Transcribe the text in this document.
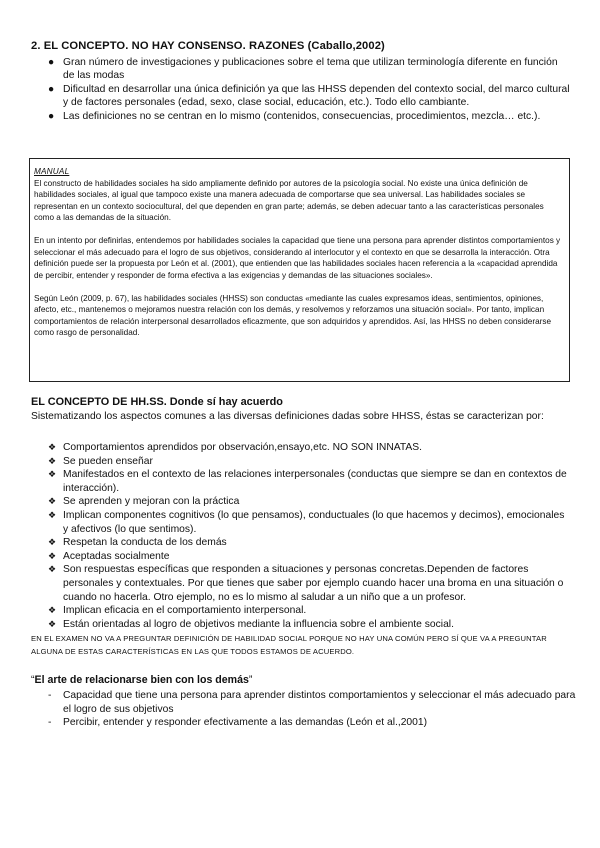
2. EL CONCEPTO. NO HAY CONSENSO. RAZONES (Caballo,2002)
● Gran número de investigaciones y publicaciones sobre el tema que utilizan terminología diferente en función de las modas
● Dificultad en desarrollar una única definición ya que las HHSS dependen del contexto social, del marco cultural y de factores personales (edad, sexo, clase social, educación, etc.). Todo ello cambiante.
● Las definiciones no se centran en lo mismo (contenidos, consecuencias, procedimientos, mezcla… etc.).
MANUAL

El constructo de habilidades sociales ha sido ampliamente definido por autores de la psicología social. No existe una única definición de habilidades sociales, al igual que tampoco existe una manera adecuada de comportarse que sea universal. Las habilidades sociales se representan en un contexto sociocultural, del que dependen en gran parte; además, se deben adecuar tanto a las características personales como a las demandas de la situación.

En un intento por definirlas, entendemos por habilidades sociales la capacidad que tiene una persona para aprender distintos comportamientos y seleccionar el más adecuado para el logro de sus objetivos, considerando al interlocutor y el contexto en que se desarrolla la interacción. Otra definición puede ser la propuesta por León et al. (2001), que entienden que las habilidades sociales hacen referencia a la «capacidad aprendida de percibir, entender y responder de forma efectiva a las exigencias y demandas de las situaciones sociales».

Según León (2009, p. 67), las habilidades sociales (HHSS) son conductas «mediante las cuales expresamos ideas, sentimientos, opiniones, afecto, etc., mantenemos o mejoramos nuestra relación con los demás, y resolvemos y reforzamos una situación social». Por tanto, implican comportamientos de relación interpersonal desarrollados eficazmente, que son adquiridos y aprendidos. Así, las HHSS no deben considerarse como rasgo de personalidad.

EL CONCEPTO DE HH.SS. Donde sí hay acuerdo
Sistematizando los aspectos comunes a las diversas definiciones dadas sobre HHSS, éstas se caracterizan por:
❖ Comportamientos aprendidos por observación,ensayo,etc. NO SON INNATAS.
❖ Se pueden enseñar
❖ Manifestados en el contexto de las relaciones interpersonales (conductas que siempre se dan en contextos de interacción).
❖ Se aprenden y mejoran con la práctica
❖ Implican componentes cognitivos (lo que pensamos), conductuales (lo que hacemos y decimos), emocionales y afectivos (lo que sentimos).
❖ Respetan la conducta de los demás
❖ Aceptadas socialmente
❖ Son respuestas específicas que responden a situaciones y personas concretas.Dependen de factores personales y contextuales. Por que tienes que saber por ejemplo cuando hacer una broma en una situación o cuando no hacerla. Otro ejemplo, no es lo mismo al saludar a un niño que a un profesor.
❖ Implican eficacia en el comportamiento interpersonal.
❖ Están orientadas al logro de objetivos mediante la influencia sobre el ambiente social.
EN EL EXAMEN NO VA A PREGUNTAR DEFINICIÓN DE HABILIDAD SOCIAL PORQUE NO HAY UNA COMÚN PERO SÍ QUE VA A PREGUNTAR ALGUNA DE ESTAS CARACTERÍSTICAS EN LAS QUE TODOS ESTAMOS DE ACUERDO.
“El arte de relacionarse bien con los demás”
- Capacidad que tiene una persona para aprender distintos comportamientos y seleccionar el más adecuado para el logro de sus objetivos
- Percibir, entender y responder efectivamente a las demandas (León et al.,2001)
